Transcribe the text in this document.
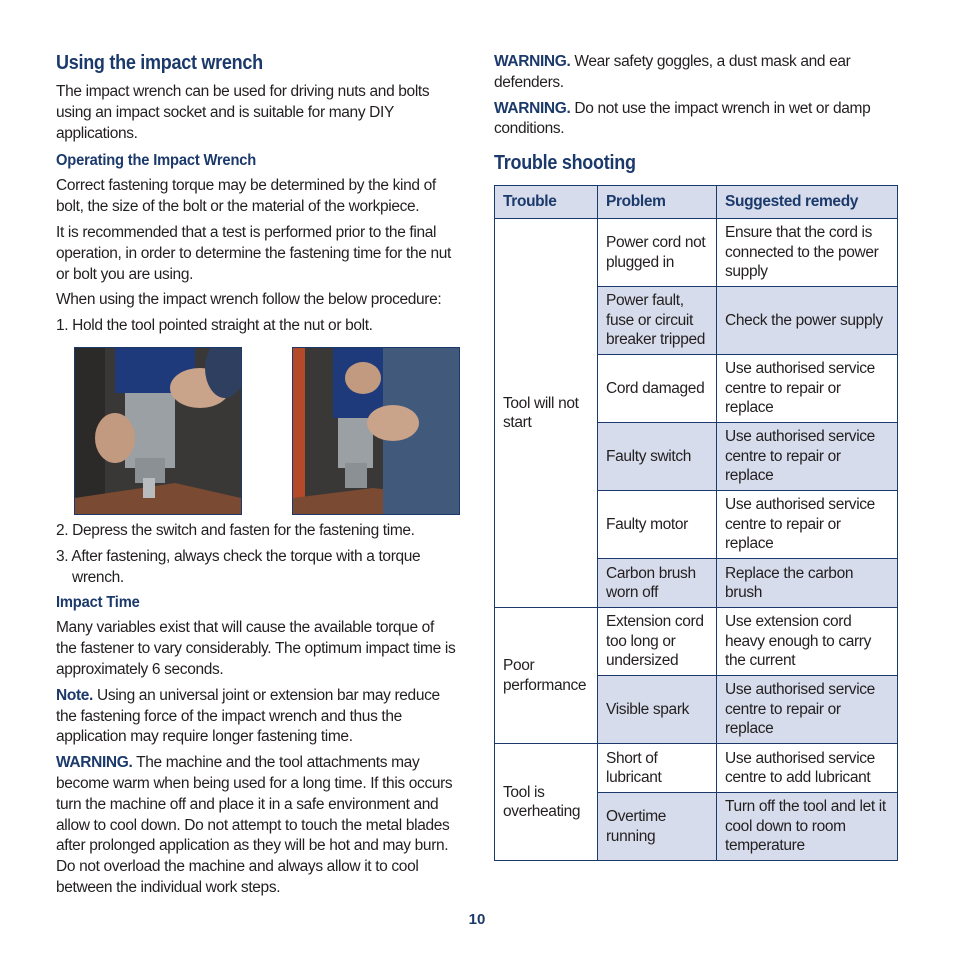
Using the impact wrench

The impact wrench can be used for driving nuts and bolts using an impact socket and is suitable for many DIY applications.

Operating the Impact Wrench

Correct fastening torque may be determined by the kind of bolt, the size of the bolt or the material of the workpiece.

It is recommended that a test is performed prior to the final operation, in order to determine the fastening time for the nut or bolt you are using.

When using the impact wrench follow the below procedure:

1. Hold the tool pointed straight at the nut or bolt.

2. Depress the switch and fasten for the fastening time.

3. After fastening, always check the torque with a torque wrench.

Impact Time

Many variables exist that will cause the available torque of the fastener to vary considerably. The optimum impact time is approximately 6 seconds.

Note. Using an universal joint or extension bar may reduce the fastening force of the impact wrench and thus the application may require longer fastening time.

WARNING. The machine and the tool attachments may become warm when being used for a long time. If this occurs turn the machine off and place it in a safe environment and allow to cool down. Do not attempt to touch the metal blades after prolonged application as they will be hot and may burn. Do not overload the machine and always allow it to cool between the individual work steps.

WARNING. Wear safety goggles, a dust mask and ear defenders.

WARNING. Do not use the impact wrench in wet or damp conditions.

Trouble shooting
Trouble	Problem	Suggested remedy
Tool will not start	Power cord not plugged in	Ensure that the cord is connected to the power supply
	Power fault, fuse or circuit breaker tripped	Check the power supply
	Cord damaged	Use authorised service centre to repair or replace
	Faulty switch	Use authorised service centre to repair or replace
	Faulty motor	Use authorised service centre to repair or replace
	Carbon brush worn off	Replace the carbon brush
Poor performance	Extension cord too long or undersized	Use extension cord heavy enough to carry the current
	Visible spark	Use authorised service centre to repair or replace
Tool is overheating	Short of lubricant	Use authorised service centre to add lubricant
	Overtime running	Turn off the tool and let it cool down to room temperature
10
